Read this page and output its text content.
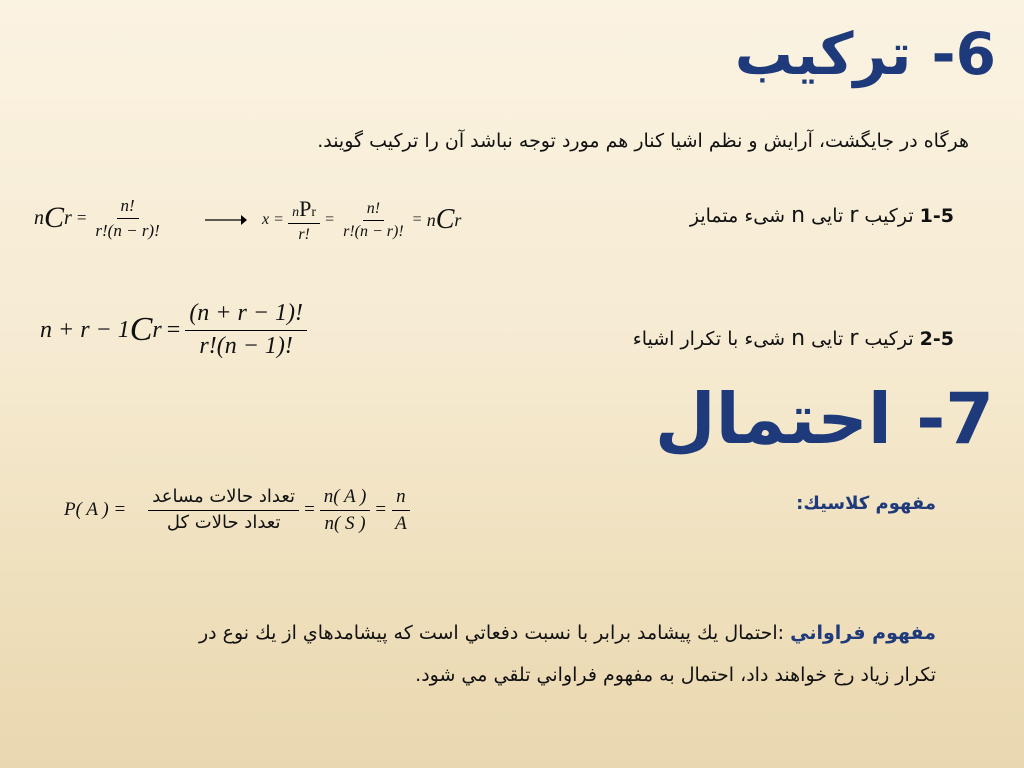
6- ترکیب
هرگاه در جایگشت، آرایش و نظم اشیا کنار هم مورد توجه نباشد آن را ترکیب گویند.
n C $r = \frac{n!}{r!(n - r)!}$	$x = \frac{\text{nPr}}{r!} = \frac{n!}{r!(n - r)!} = n$ C r	1-5 ترکیب r تایی n شیء متمایز
n + r − 1 C $r = \frac{(n + r - 1)!}{r!(n - 1)!}$	2-5 ترکیب r تایی n شیء با تکرار اشیاء
7- احتمال
مفهوم کلاسیك:
P( A ) = $\frac{\text{تعداد حالات مساعد}}{\text{تعداد حالات كل}} = \frac{n( A )}{n( S )} = \frac{n}{A}$
مفهوم فراواني :احتمال يك پيشامد برابر با نسبت دفعاتي است که پيشامدهاي از يك نوع در
تکرار زياد رخ خواهند داد، احتمال به مفهوم فراواني تلقي مي شود.
